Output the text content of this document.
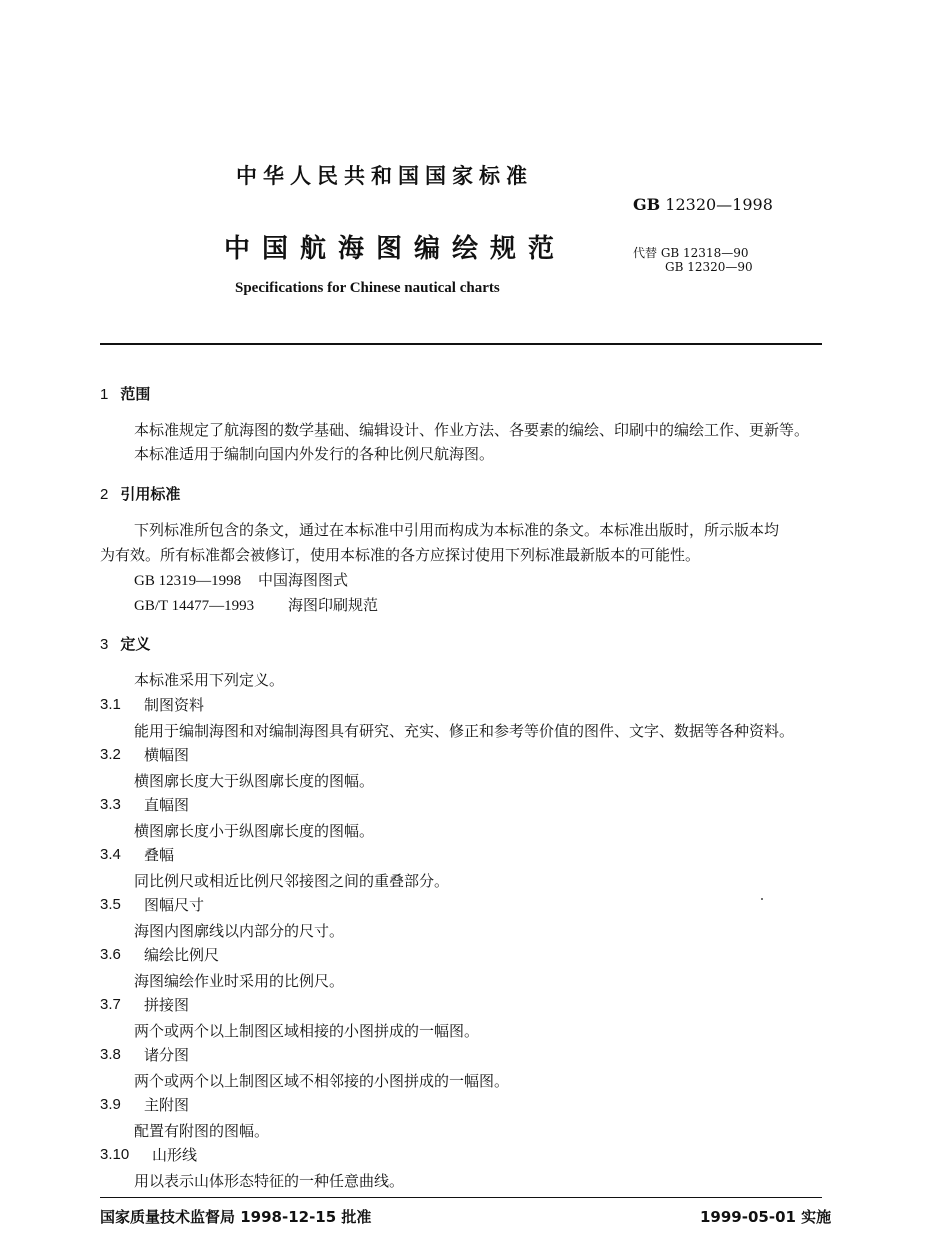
中华人民共和国国家标准
GB 12320—1998
中国航海图编绘规范	代替 GB 12318—90
GB 12320—90
Specifications for Chinese nautical charts
1 范围
本标准规定了航海图的数学基础、编辑设计、作业方法、各要素的编绘、印刷中的编绘工作、更新等。
本标准适用于编制向国内外发行的各种比例尺航海图。
2 引用标准
下列标准所包含的条文，通过在本标准中引用而构成为本标准的条文。本标准出版时，所示版本均
为有效。所有标准都会被修订，使用本标准的各方应探讨使用下列标准最新版本的可能性。
GB 12319—1998 中国海图图式
GB/T 14477—1993 海图印刷规范
3 定义
本标准采用下列定义。
3.1 制图资料
能用于编制海图和对编制海图具有研究、充实、修正和参考等价值的图件、文字、数据等各种资料。
3.2 横幅图
横图廓长度大于纵图廓长度的图幅。
3.3 直幅图
横图廓长度小于纵图廓长度的图幅。
3.4 叠幅
同比例尺或相近比例尺邻接图之间的重叠部分。
3.5 图幅尺寸
海图内图廓线以内部分的尺寸。
3.6 编绘比例尺
海图编绘作业时采用的比例尺。
3.7 拼接图
两个或两个以上制图区域相接的小图拼成的一幅图。
3.8 诸分图
两个或两个以上制图区域不相邻接的小图拼成的一幅图。
3.9 主附图
配置有附图的图幅。
3.10 山形线
用以表示山体形态特征的一种任意曲线。
国家质量技术监督局 1998-12-15 批准	1999-05-01 实施
